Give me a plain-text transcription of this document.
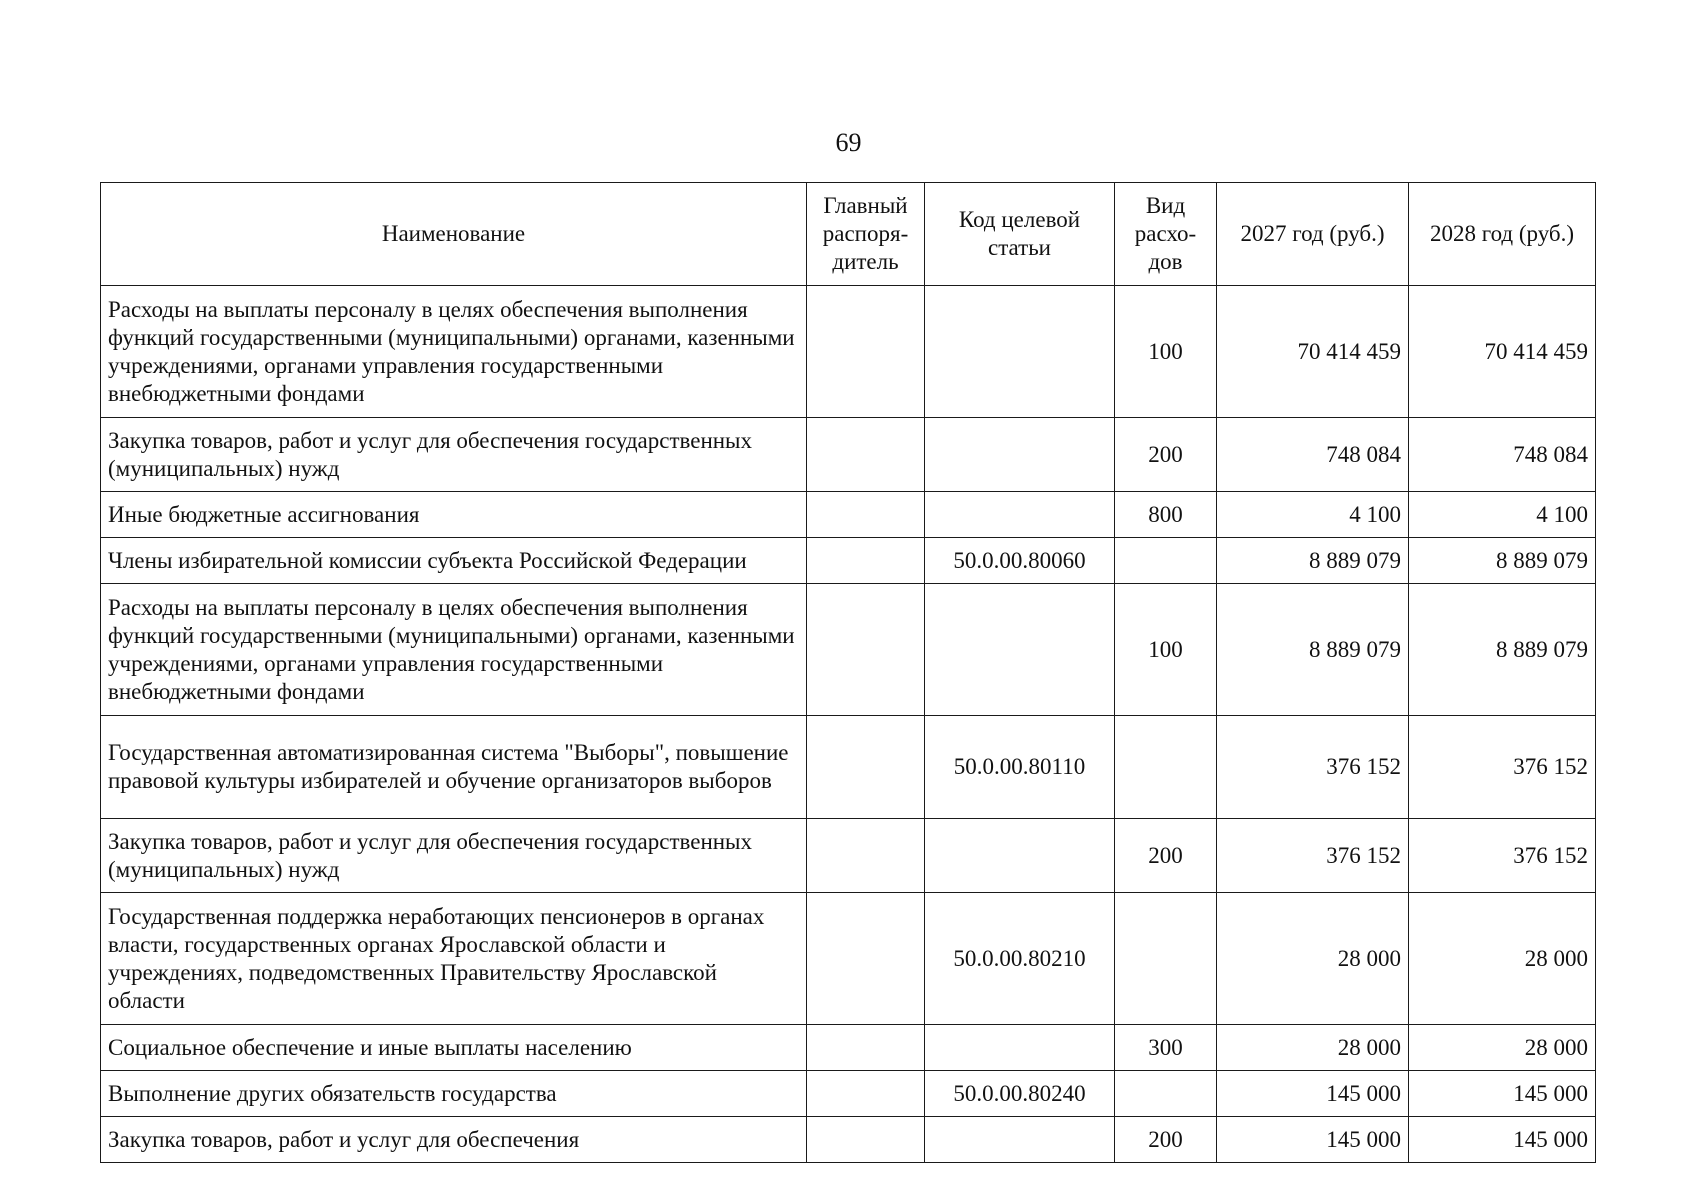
69
Наименование	Главный распоря-дитель	Код целевой статьи	Вид расхо-дов	2027 год (руб.)	2028 год (руб.)
Расходы на выплаты персоналу в целях обеспечения выполнения функций государственными (муниципальными) органами, казенными учреждениями, органами управления государственными внебюджетными фондами			100	70 414 459	70 414 459
Закупка товаров, работ и услуг для обеспечения государственных (муниципальных) нужд			200	748 084	748 084
Иные бюджетные ассигнования			800	4 100	4 100
Члены избирательной комиссии субъекта Российской Федерации		50.0.00.80060		8 889 079	8 889 079
Расходы на выплаты персоналу в целях обеспечения выполнения функций государственными (муниципальными) органами, казенными учреждениями, органами управления государственными внебюджетными фондами			100	8 889 079	8 889 079
Государственная автоматизированная система "Выборы", повышение правовой культуры избирателей и обучение организаторов выборов		50.0.00.80110		376 152	376 152
Закупка товаров, работ и услуг для обеспечения государственных (муниципальных) нужд			200	376 152	376 152
Государственная поддержка неработающих пенсионеров в органах власти, государственных органах Ярославской области и учреждениях, подведомственных Правительству Ярославской области		50.0.00.80210		28 000	28 000
Социальное обеспечение и иные выплаты населению			300	28 000	28 000
Выполнение других обязательств государства		50.0.00.80240		145 000	145 000
Закупка товаров, работ и услуг для обеспечения			200	145 000	145 000
